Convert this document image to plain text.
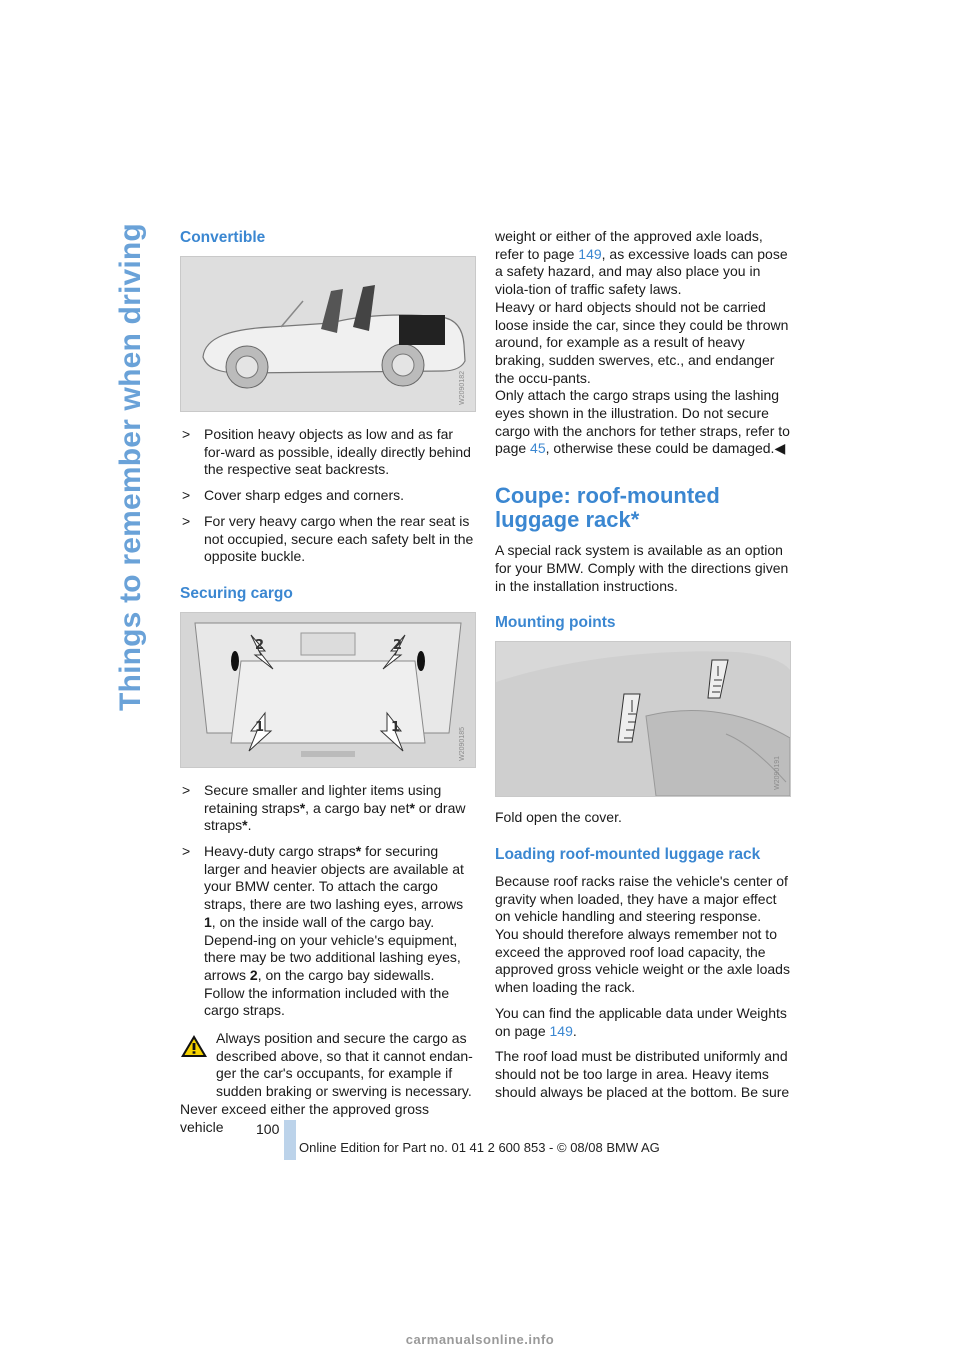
Things to remember when driving Convertible
W2090182
> Position heavy objects as low and as far for-ward as possible, ideally directly behind the respective seat backrests.
> Cover sharp edges and corners.
> For very heavy cargo when the rear seat is not occupied, secure each safety belt in the opposite buckle.
Securing cargo
2	2
1	1	W2090185
> Secure smaller and lighter items using retaining straps*, a cargo bay net* or draw straps*.
> Heavy-duty cargo straps* for securing larger and heavier objects are available at your BMW center. To attach the cargo straps, there are two lashing eyes, arrows 1, on the inside wall of the cargo bay. Depend-ing on your vehicle's equipment, there may be two additional lashing eyes, arrows 2, on the cargo bay sidewalls.
Follow the information included with the cargo straps.
Always position and secure the cargo as described above, so that it cannot endan-ger the car's occupants, for example if sudden braking or swerving is necessary.

Never exceed either the approved gross vehicle

weight or either of the approved axle loads, refer to page 149, as excessive loads can pose a safety hazard, and may also place you in viola-tion of traffic safety laws.

Heavy or hard objects should not be carried loose inside the car, since they could be thrown around, for example as a result of heavy braking, sudden swerves, etc., and endanger the occu-pants.

Only attach the cargo straps using the lashing eyes shown in the illustration. Do not secure cargo with the anchors for tether straps, refer to page 45, otherwise these could be damaged.◀

Coupe: roof-mounted luggage rack*

A special rack system is available as an option for your BMW. Comply with the directions given in the installation instructions.

Mounting points
W2090191

Fold open the cover.

Loading roof-mounted luggage rack

Because roof racks raise the vehicle's center of gravity when loaded, they have a major effect on vehicle handling and steering response.

You should therefore always remember not to exceed the approved roof load capacity, the approved gross vehicle weight or the axle loads when loading the rack.

You can find the applicable data under Weights on page 149.

The roof load must be distributed uniformly and should not be too large in area. Heavy items should always be placed at the bottom. Be sure

100
Online Edition for Part no. 01 41 2 600 853 - © 08/08 BMW AG
carmanualsonline.info
